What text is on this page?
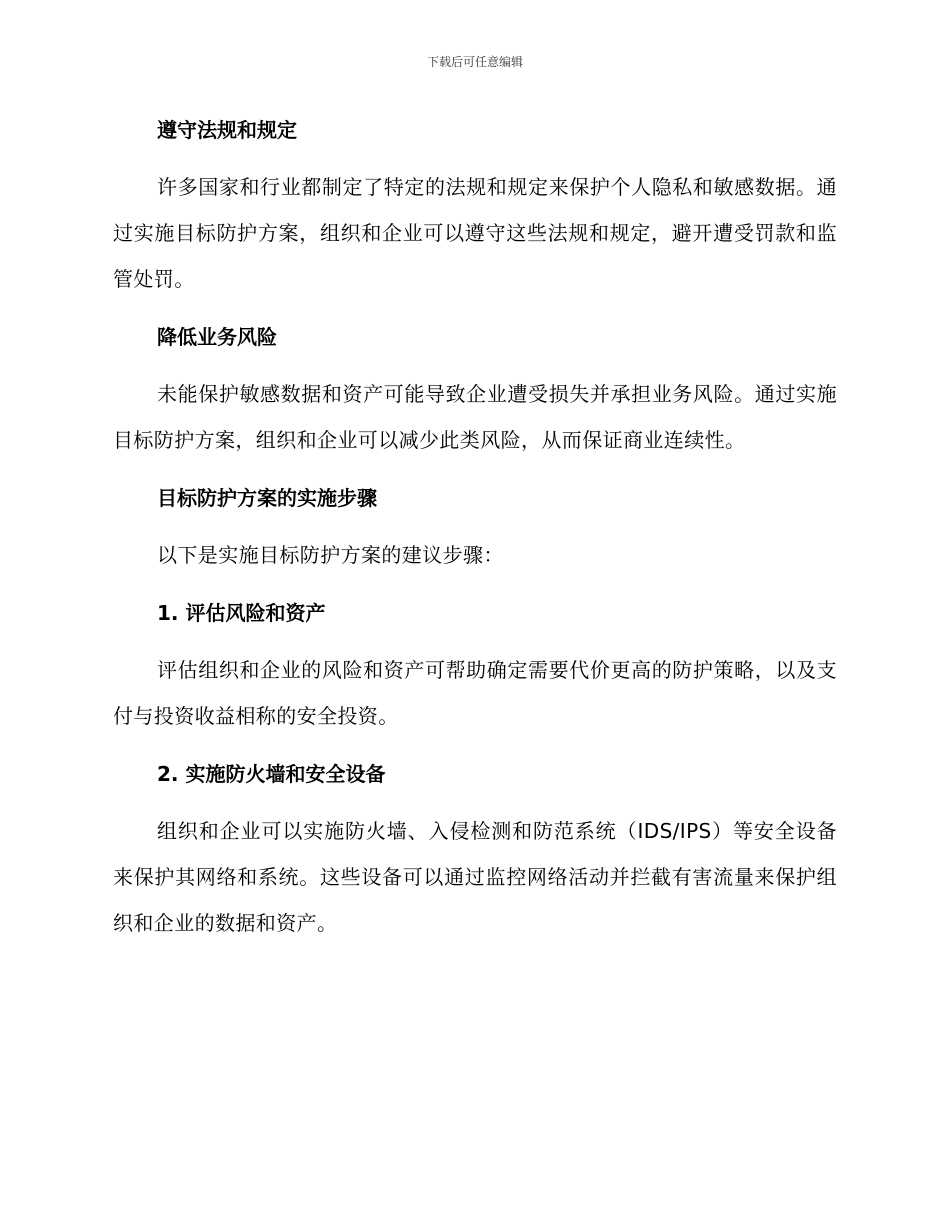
下载后可任意编辑
遵守法规和规定

许多国家和行业都制定了特定的法规和规定来保护个人隐私和敏感数据。通过实施目标防护方案，组织和企业可以遵守这些法规和规定，避开遭受罚款和监管处罚。

降低业务风险

未能保护敏感数据和资产可能导致企业遭受损失并承担业务风险。通过实施目标防护方案，组织和企业可以减少此类风险，从而保证商业连续性。

目标防护方案的实施步骤

以下是实施目标防护方案的建议步骤：

1. 评估风险和资产

评估组织和企业的风险和资产可帮助确定需要代价更高的防护策略，以及支付与投资收益相称的安全投资。

2. 实施防火墙和安全设备

组织和企业可以实施防火墙、入侵检测和防范系统（IDS/IPS）等安全设备来保护其网络和系统。这些设备可以通过监控网络活动并拦截有害流量来保护组织和企业的数据和资产。
